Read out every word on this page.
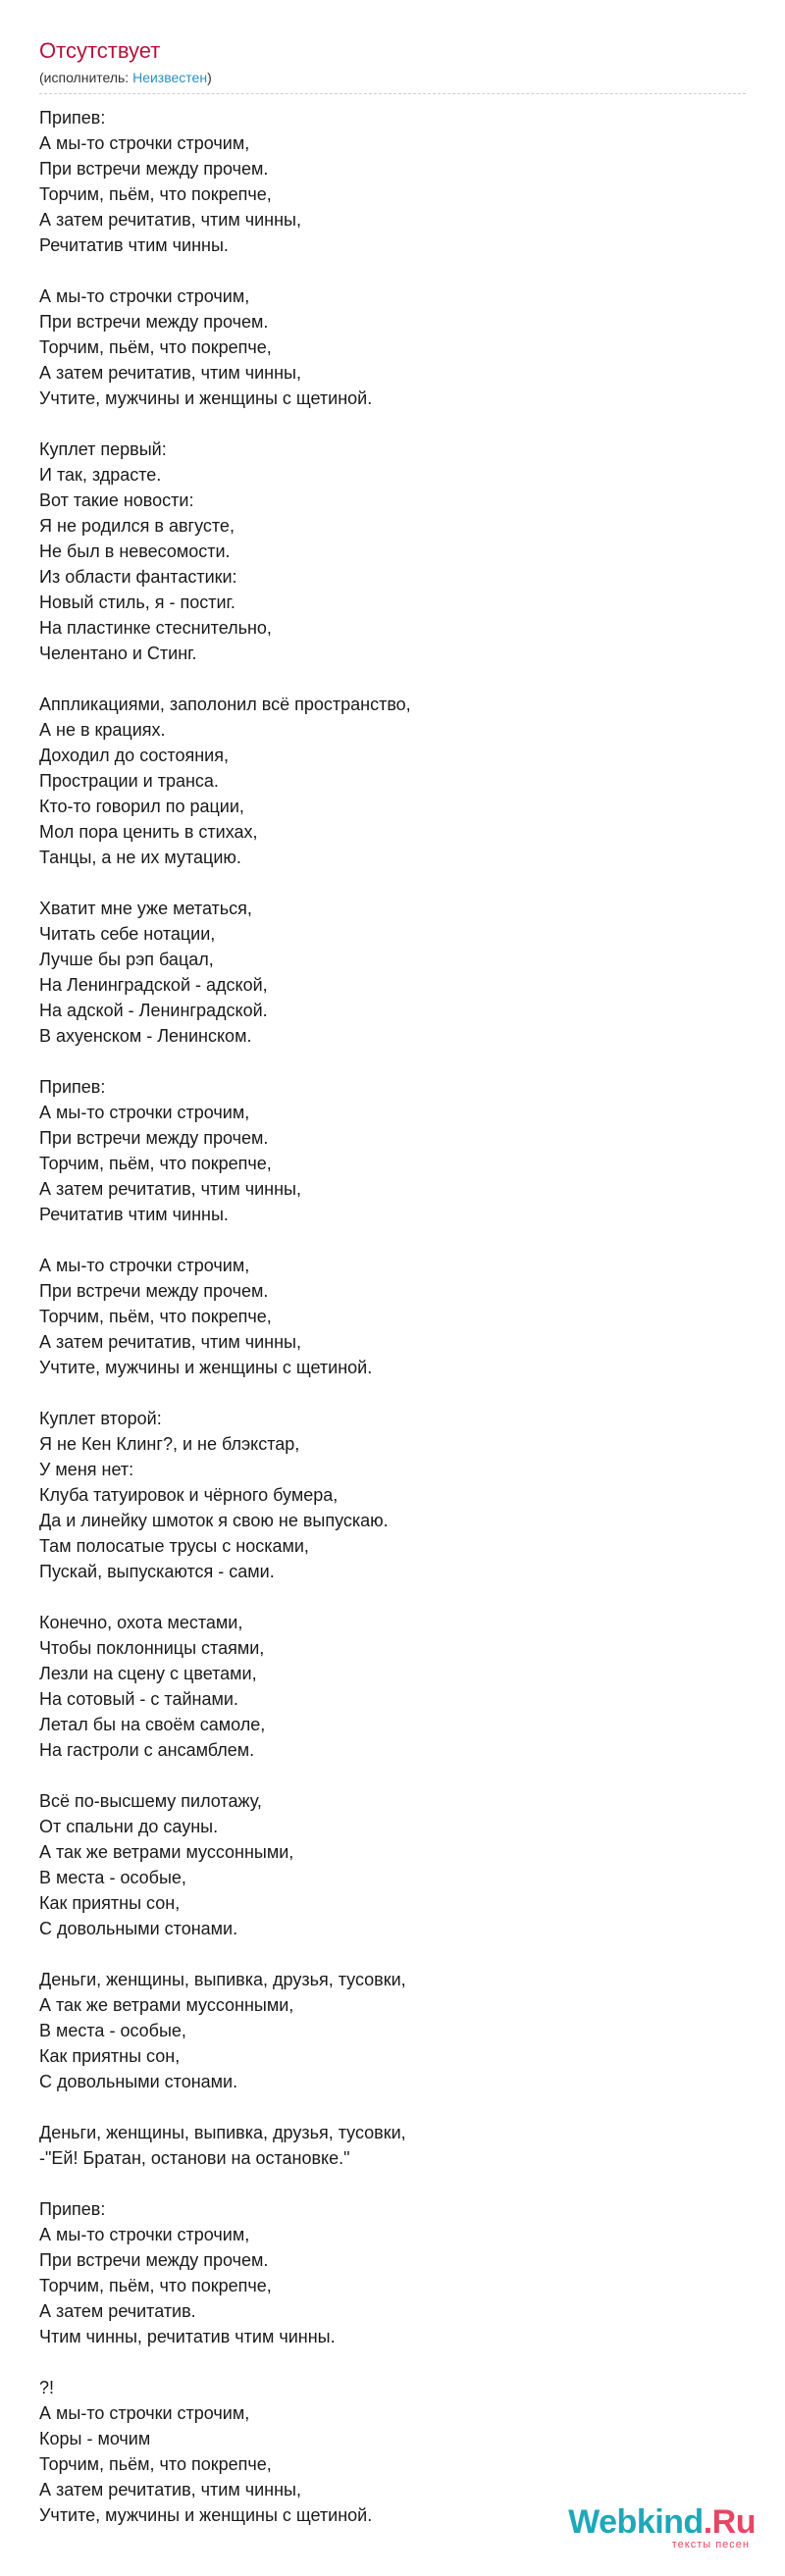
Отсутствует
(исполнитель: Неизвестен)
Припев:
А мы-то строчки строчим,
При встречи между прочем.
Торчим, пьём, что покрепче,
А затем речитатив, чтим чинны,
Речитатив чтим чинны.
А мы-то строчки строчим,
При встречи между прочем.
Торчим, пьём, что покрепче,
А затем речитатив, чтим чинны,
Учтите, мужчины и женщины с щетиной.
Куплет первый:
И так, здрасте.
Вот такие новости:
Я не родился в августе,
Не был в невесомости.
Из области фантастики:
Новый стиль, я - постиг.
На пластинке стеснительно,
Челентано и Стинг.
Аппликациями, заполонил всё пространство,
А не в крациях.
Доходил до состояния,
Прострации и транса.
Кто-то говорил по рации,
Мол пора ценить в стихах,
Танцы, а не их мутацию.
Хватит мне уже метаться,
Читать себе нотации,
Лучше бы рэп бацал,
На Ленинградской - адской,
На адской - Ленинградской.
В ахуенском - Ленинском.
Припев:
А мы-то строчки строчим,
При встречи между прочем.
Торчим, пьём, что покрепче,
А затем речитатив, чтим чинны,
Речитатив чтим чинны.
А мы-то строчки строчим,
При встречи между прочем.
Торчим, пьём, что покрепче,
А затем речитатив, чтим чинны,
Учтите, мужчины и женщины с щетиной.
Куплет второй:
Я не Кен Клинг?, и не блэкстар,
У меня нет:
Клуба татуировок и чёрного бумера,
Да и линейку шмоток я свою не выпускаю.
Там полосатые трусы с носками,
Пускай, выпускаются - сами.
Конечно, охота местами,
Чтобы поклонницы стаями,
Лезли на сцену с цветами,
На сотовый - с тайнами.
Летал бы на своём самоле,
На гастроли с ансамблем.
Всё по-высшему пилотажу,
От спальни до сауны.
А так же ветрами муссонными,
В места - особые,
Как приятны сон,
С довольными стонами.
Деньги, женщины, выпивка, друзья, тусовки,
А так же ветрами муссонными,
В места - особые,
Как приятны сон,
С довольными стонами.
Деньги, женщины, выпивка, друзья, тусовки,
-"Ей! Братан, останови на остановке."
Припев:
А мы-то строчки строчим,
При встречи между прочем.
Торчим, пьём, что покрепче,
А затем речитатив.
Чтим чинны, речитатив чтим чинны.
?!
А мы-то строчки строчим,
Коры - мочим
Торчим, пьём, что покрепче,
А затем речитатив, чтим чинны,
Учтите, мужчины и женщины с щетиной.	Webkind.Ru
тексты песен
